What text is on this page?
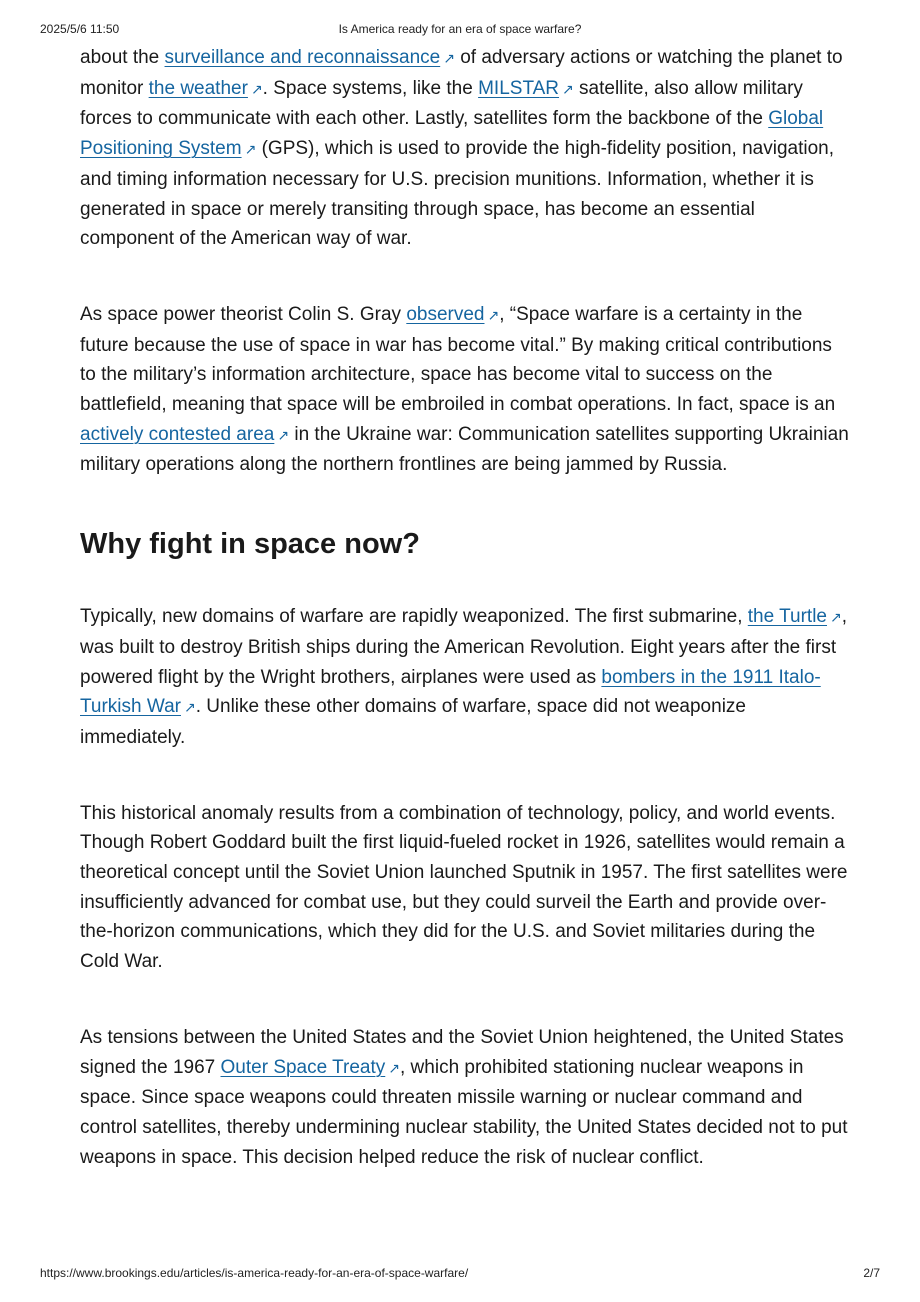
2025/5/6 11:50	Is America ready for an era of space warfare?

about the surveillance and reconnaissance ↗ of adversary actions or watching the planet to monitor the weather ↗. Space systems, like the MILSTAR ↗ satellite, also allow military forces to communicate with each other. Lastly, satellites form the backbone of the Global Positioning System ↗ (GPS), which is used to provide the high-fidelity position, navigation, and timing information necessary for U.S. precision munitions. Information, whether it is generated in space or merely transiting through space, has become an essential component of the American way of war.

As space power theorist Colin S. Gray observed ↗, “Space warfare is a certainty in the future because the use of space in war has become vital.” By making critical contributions to the military’s information architecture, space has become vital to success on the battlefield, meaning that space will be embroiled in combat operations. In fact, space is an actively contested area ↗ in the Ukraine war: Communication satellites supporting Ukrainian military operations along the northern frontlines are being jammed by Russia.

Why fight in space now?

Typically, new domains of warfare are rapidly weaponized. The first submarine, the Turtle ↗, was built to destroy British ships during the American Revolution. Eight years after the first powered flight by the Wright brothers, airplanes were used as bombers in the 1911 Italo-Turkish War ↗. Unlike these other domains of warfare, space did not weaponize immediately.

This historical anomaly results from a combination of technology, policy, and world events. Though Robert Goddard built the first liquid-fueled rocket in 1926, satellites would remain a theoretical concept until the Soviet Union launched Sputnik in 1957. The first satellites were insufficiently advanced for combat use, but they could surveil the Earth and provide over-the-horizon communications, which they did for the U.S. and Soviet militaries during the Cold War.

As tensions between the United States and the Soviet Union heightened, the United States signed the 1967 Outer Space Treaty ↗, which prohibited stationing nuclear weapons in space. Since space weapons could threaten missile warning or nuclear command and control satellites, thereby undermining nuclear stability, the United States decided not to put weapons in space. This decision helped reduce the risk of nuclear conflict.

https://www.brookings.edu/articles/is-america-ready-for-an-era-of-space-warfare/	2/7
